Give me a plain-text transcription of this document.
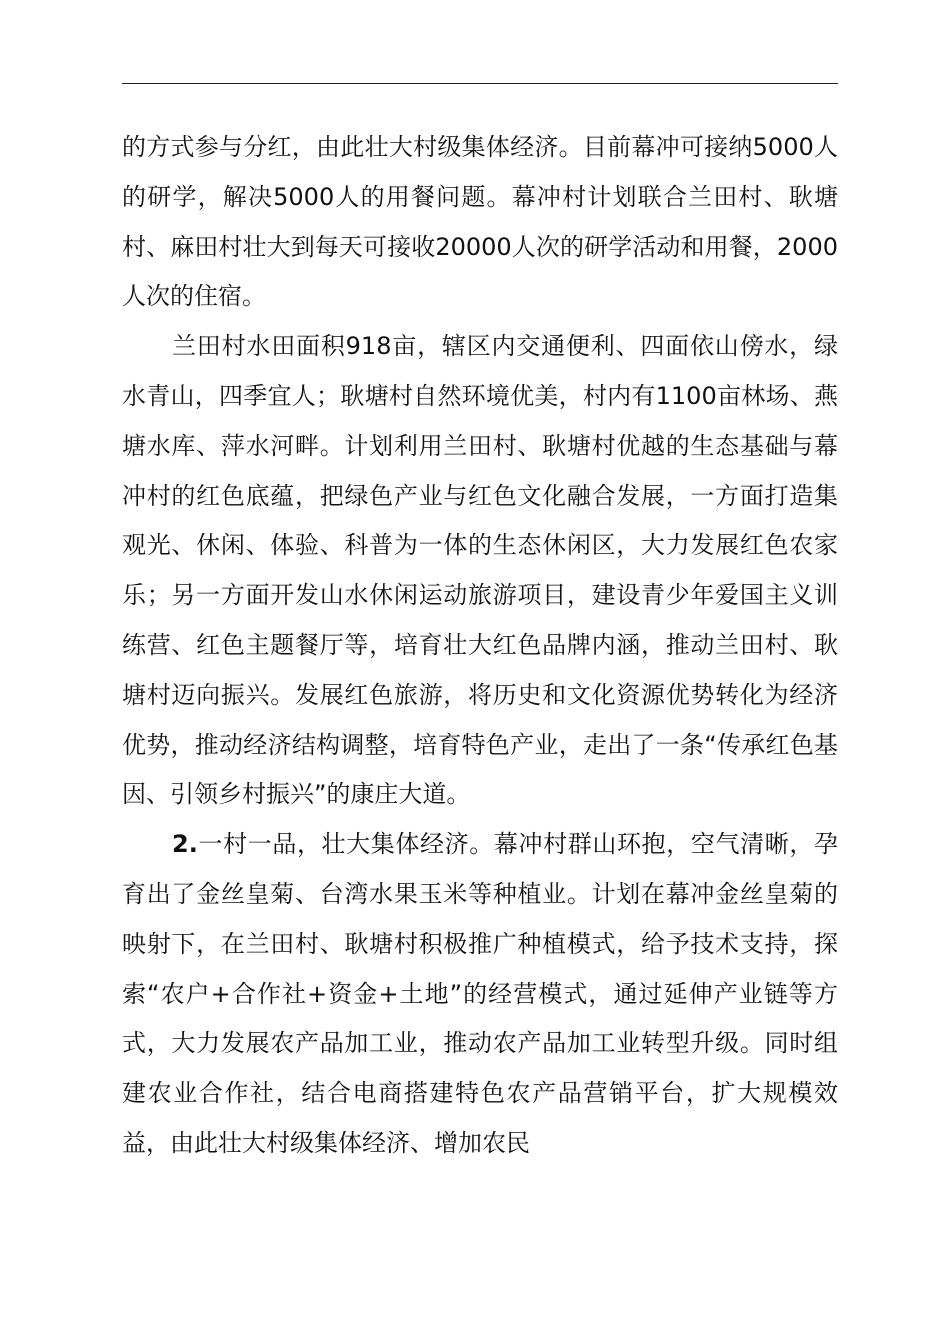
的方式参与分红，由此壮大村级集体经济。目前幕冲可接纳5000人的研学，解决5000人的用餐问题。幕冲村计划联合兰田村、耿塘村、麻田村壮大到每天可接收20000人次的研学活动和用餐，2000人次的住宿。

兰田村水田面积918亩，辖区内交通便利、四面依山傍水，绿水青山，四季宜人；耿塘村自然环境优美，村内有1100亩林场、燕塘水库、萍水河畔。计划利用兰田村、耿塘村优越的生态基础与幕冲村的红色底蕴，把绿色产业与红色文化融合发展，一方面打造集观光、休闲、体验、科普为一体的生态休闲区，大力发展红色农家乐；另一方面开发山水休闲运动旅游项目，建设青少年爱国主义训练营、红色主题餐厅等，培育壮大红色品牌内涵，推动兰田村、耿塘村迈向振兴。发展红色旅游，将历史和文化资源优势转化为经济优势，推动经济结构调整，培育特色产业，走出了一条“传承红色基因、引领乡村振兴”的康庄大道。

2.一村一品，壮大集体经济。幕冲村群山环抱，空气清晰，孕育出了金丝皇菊、台湾水果玉米等种植业。计划在幕冲金丝皇菊的映射下，在兰田村、耿塘村积极推广种植模式，给予技术支持，探索“农户+合作社+资金+土地”的经营模式，通过延伸产业链等方式，大力发展农产品加工业，推动农产品加工业转型升级。同时组建农业合作社，结合电商搭建特色农产品营销平台，扩大规模效益，由此壮大村级集体经济、增加农民
